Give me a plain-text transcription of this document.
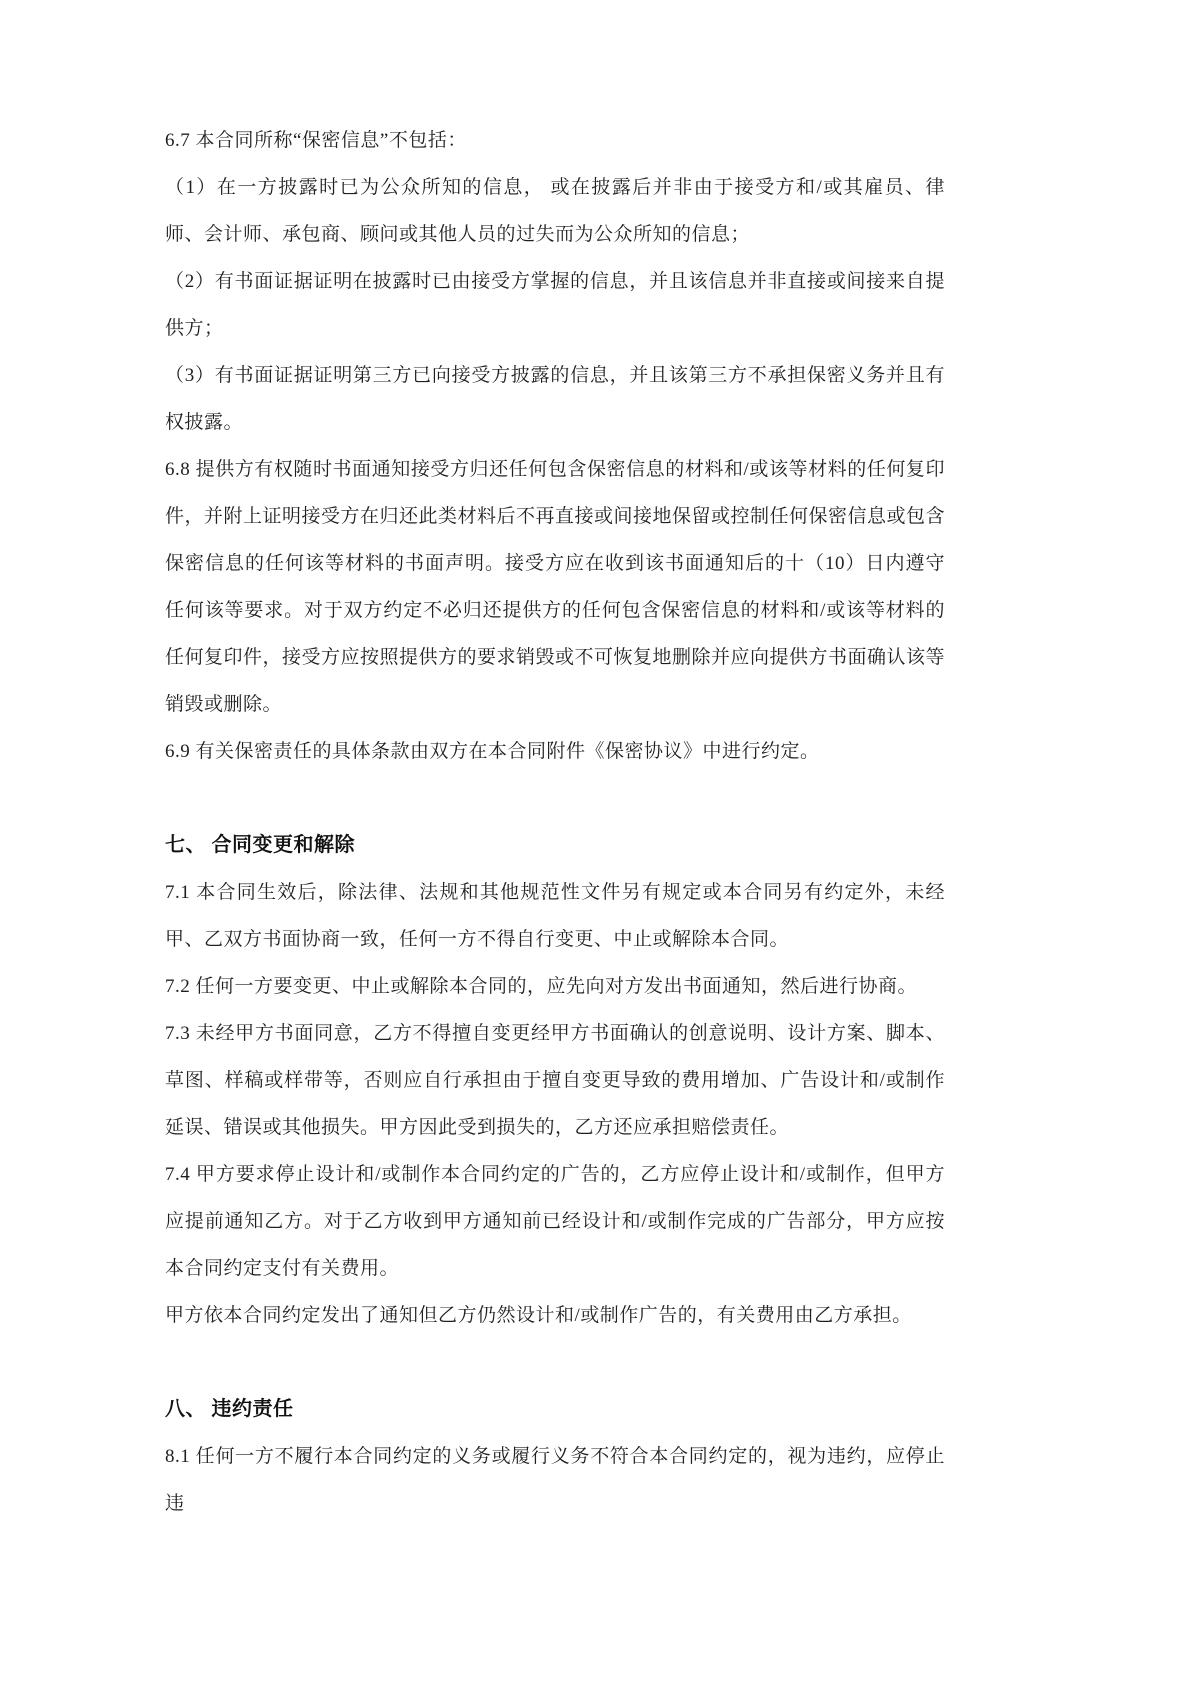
6.7 本合同所称“保密信息”不包括：

（1）在一方披露时已为公众所知的信息， 或在披露后并非由于接受方和/或其雇员、律师、会计师、承包商、顾问或其他人员的过失而为公众所知的信息；

（2）有书面证据证明在披露时已由接受方掌握的信息，并且该信息并非直接或间接来自提供方；

（3）有书面证据证明第三方已向接受方披露的信息，并且该第三方不承担保密义务并且有权披露。

6.8 提供方有权随时书面通知接受方归还任何包含保密信息的材料和/或该等材料的任何复印件，并附上证明接受方在归还此类材料后不再直接或间接地保留或控制任何保密信息或包含保密信息的任何该等材料的书面声明。接受方应在收到该书面通知后的十（10）日内遵守任何该等要求。对于双方约定不必归还提供方的任何包含保密信息的材料和/或该等材料的任何复印件，接受方应按照提供方的要求销毁或不可恢复地删除并应向提供方书面确认该等销毁或删除。

6.9 有关保密责任的具体条款由双方在本合同附件《保密协议》中进行约定。

七、 合同变更和解除

7.1 本合同生效后，除法律、法规和其他规范性文件另有规定或本合同另有约定外，未经甲、乙双方书面协商一致，任何一方不得自行变更、中止或解除本合同。

7.2 任何一方要变更、中止或解除本合同的，应先向对方发出书面通知，然后进行协商。

7.3 未经甲方书面同意，乙方不得擅自变更经甲方书面确认的创意说明、设计方案、脚本、草图、样稿或样带等，否则应自行承担由于擅自变更导致的费用增加、广告设计和/或制作延误、错误或其他损失。甲方因此受到损失的，乙方还应承担赔偿责任。

7.4 甲方要求停止设计和/或制作本合同约定的广告的，乙方应停止设计和/或制作，但甲方应提前通知乙方。对于乙方收到甲方通知前已经设计和/或制作完成的广告部分，甲方应按本合同约定支付有关费用。

甲方依本合同约定发出了通知但乙方仍然设计和/或制作广告的，有关费用由乙方承担。

八、 违约责任

8.1 任何一方不履行本合同约定的义务或履行义务不符合本合同约定的，视为违约，应停止违
